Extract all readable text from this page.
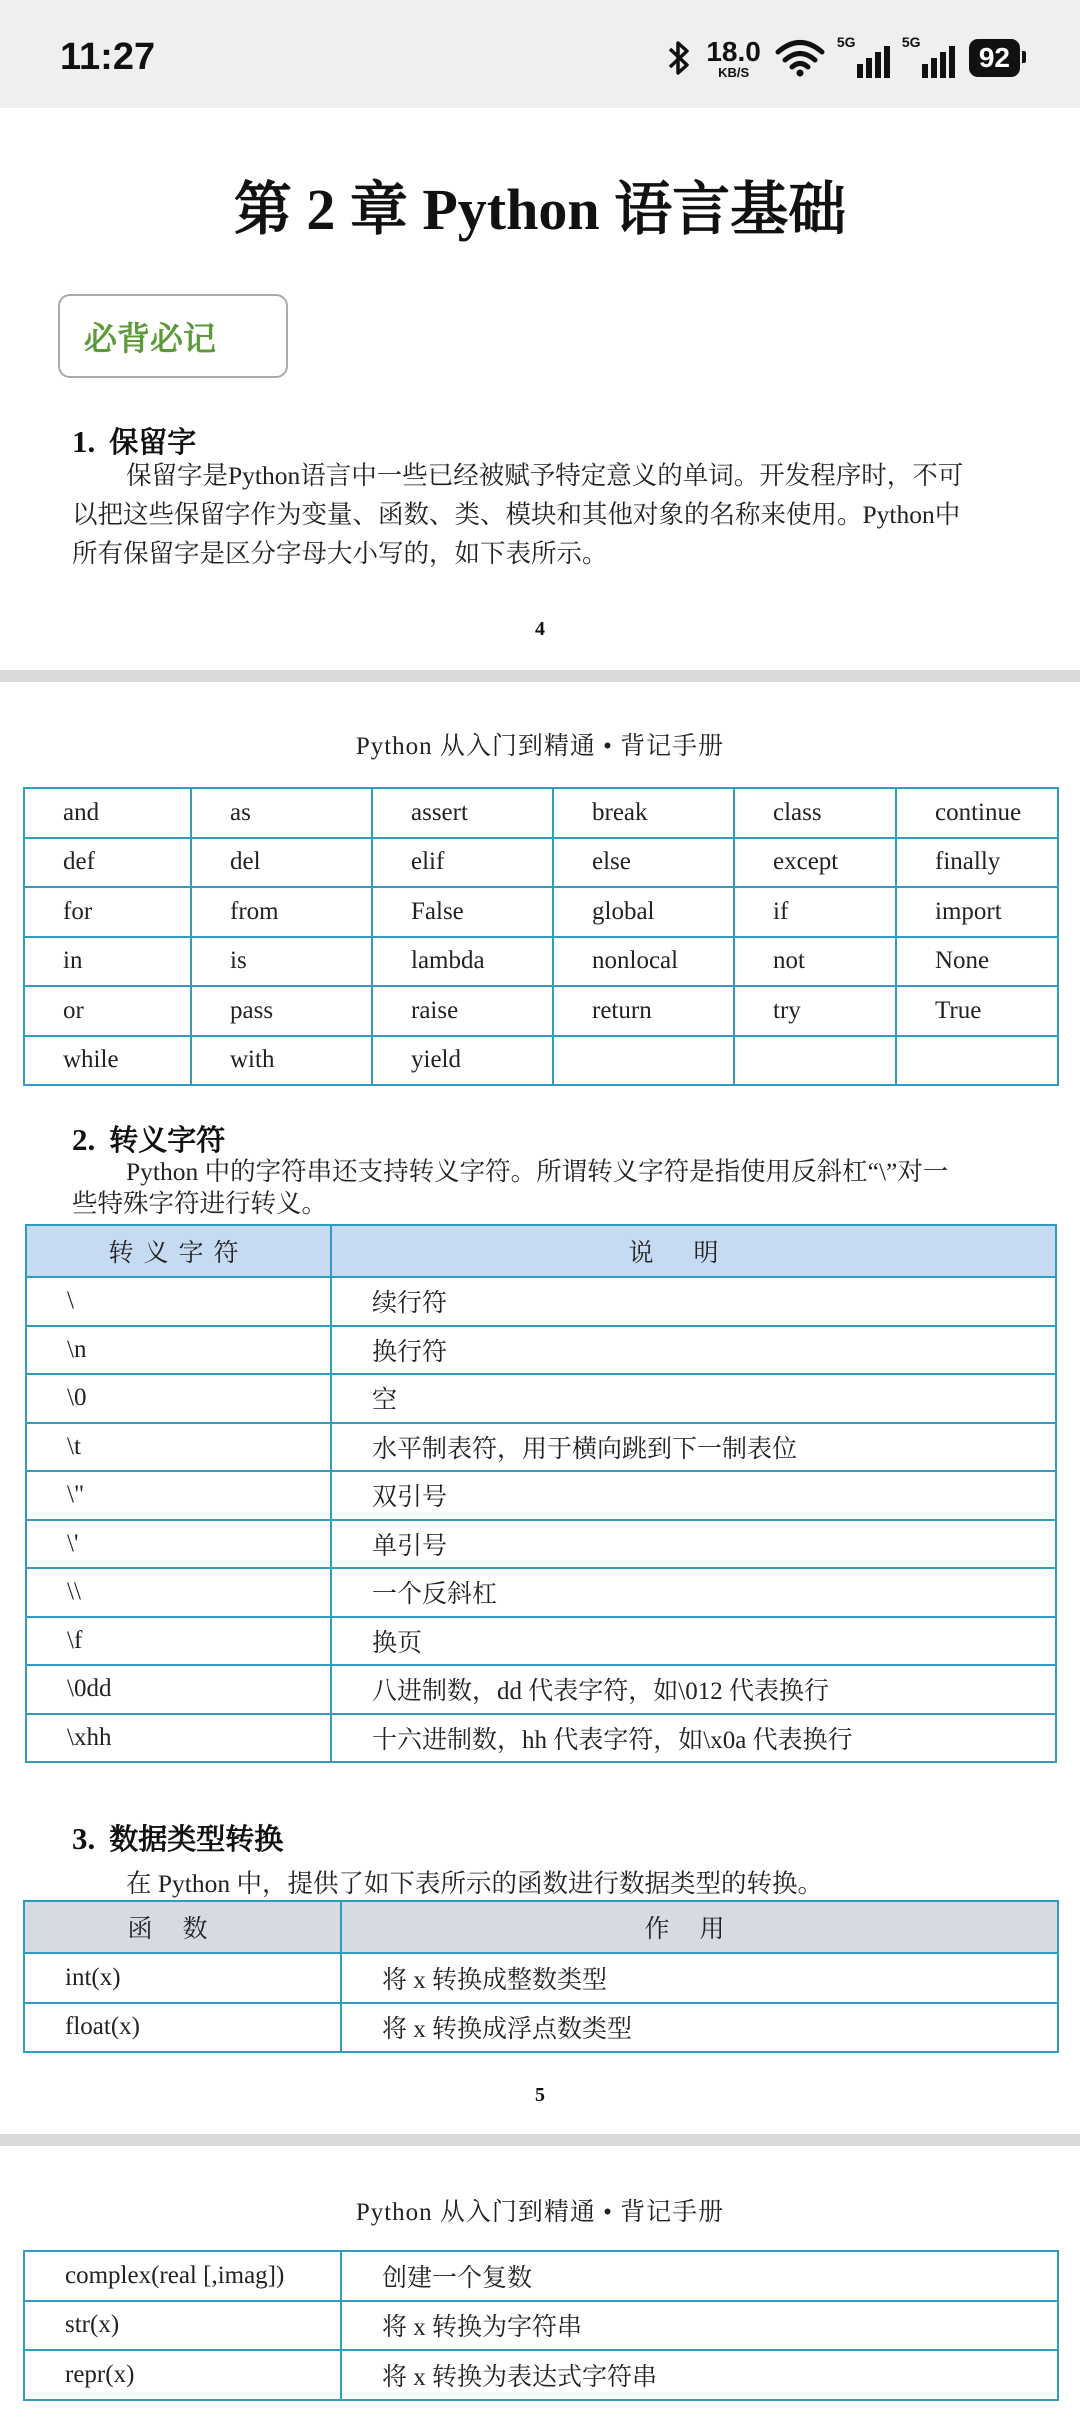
11:27	18.0
KB/S
5G	5G	92
第 2 章 Python 语言基础
必背必记
1. 保留字
保留字是Python语言中一些已经被赋予特定意义的单词。开发程序时，不可
以把这些保留字作为变量、函数、类、模块和其他对象的名称来使用。Python中
所有保留字是区分字母大小写的，如下表所示。
4
Python 从入门到精通 • 背记手册
and	as	assert	break	class	continue
def	del	elif	else	except	finally
for	from	False	global	if	import
in	is	lambda	nonlocal	not	None
or	pass	raise	return	try	True
while	with	yield			
2. 转义字符
Python 中的字符串还支持转义字符。所谓转义字符是指使用反斜杠“\”对一
些特殊字符进行转义。
转义字符	说明
\	续行符
\n	换行符
\0	空
\t	水平制表符，用于横向跳到下一制表位
\"	双引号
\'	单引号
\\	一个反斜杠
\f	换页
\0dd	八进制数，dd 代表字符，如\012 代表换行
\xhh	十六进制数，hh 代表字符，如\x0a 代表换行
3. 数据类型转换
在 Python 中，提供了如下表所示的函数进行数据类型的转换。
函数	作用
int(x)	将 x 转换成整数类型
float(x)	将 x 转换成浮点数类型
5
Python 从入门到精通 • 背记手册
complex(real [,imag])	创建一个复数
str(x)	将 x 转换为字符串
repr(x)	将 x 转换为表达式字符串
